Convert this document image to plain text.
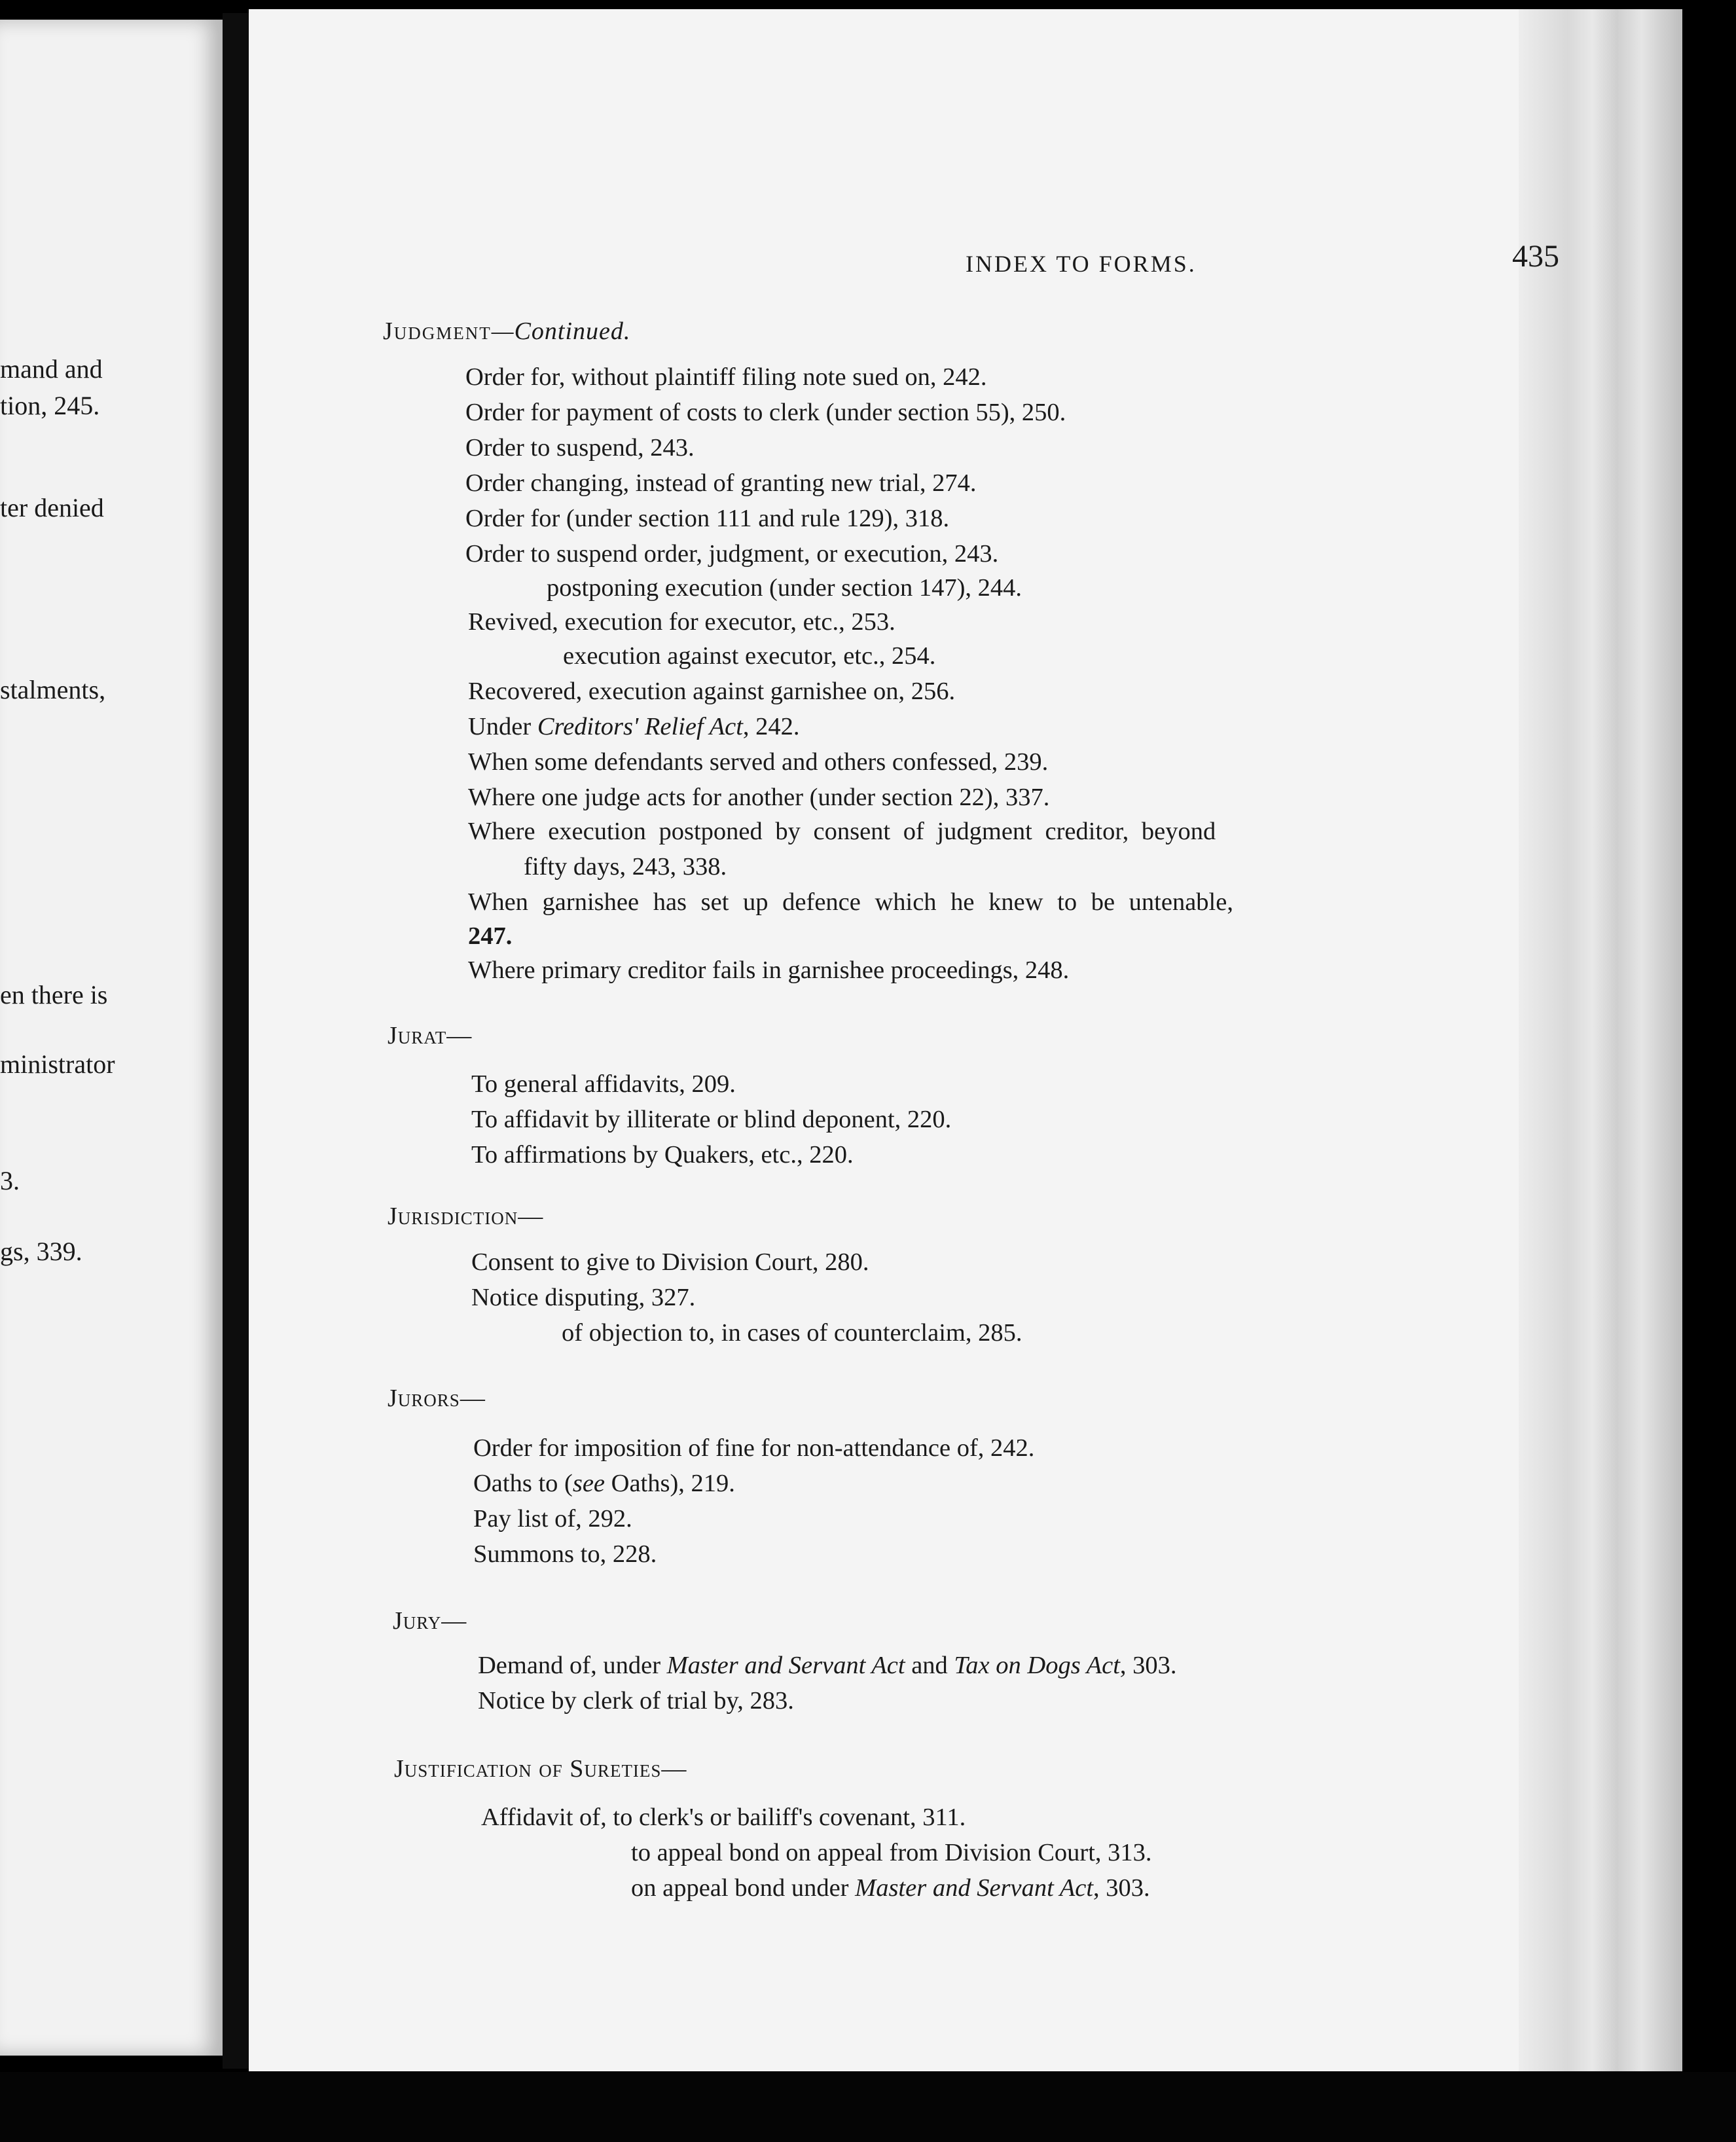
mand and
tion, 245.
ter denied
stalments,
en there is
ministrator
3.
gs, 339.
INDEX TO FORMS.	435
Judgment—Continued.
Order for, without plaintiff filing note sued on, 242.
Order for payment of costs to clerk (under section 55), 250.
Order to suspend, 243.
Order changing, instead of granting new trial, 274.
Order for (under section 111 and rule 129), 318.
Order to suspend order, judgment, or execution, 243.
postponing execution (under section 147), 244.
Revived, execution for executor, etc., 253.
execution against executor, etc., 254.
Recovered, execution against garnishee on, 256.
Under Creditors' Relief Act, 242.
When some defendants served and others confessed, 239.
Where one judge acts for another (under section 22), 337.
Where execution postponed by consent of judgment creditor, beyond
fifty days, 243, 338.
When garnishee has set up defence which he knew to be untenable,
247.
Where primary creditor fails in garnishee proceedings, 248.
Jurat—
To general affidavits, 209.
To affidavit by illiterate or blind deponent, 220.
To affirmations by Quakers, etc., 220.
Jurisdiction—
Consent to give to Division Court, 280.
Notice disputing, 327.
of objection to, in cases of counterclaim, 285.
Jurors—
Order for imposition of fine for non-attendance of, 242.
Oaths to (see Oaths), 219.
Pay list of, 292.
Summons to, 228.
Jury—
Demand of, under Master and Servant Act and Tax on Dogs Act, 303.
Notice by clerk of trial by, 283.
Justification of Sureties—
Affidavit of, to clerk's or bailiff's covenant, 311.
to appeal bond on appeal from Division Court, 313.
on appeal bond under Master and Servant Act, 303.
